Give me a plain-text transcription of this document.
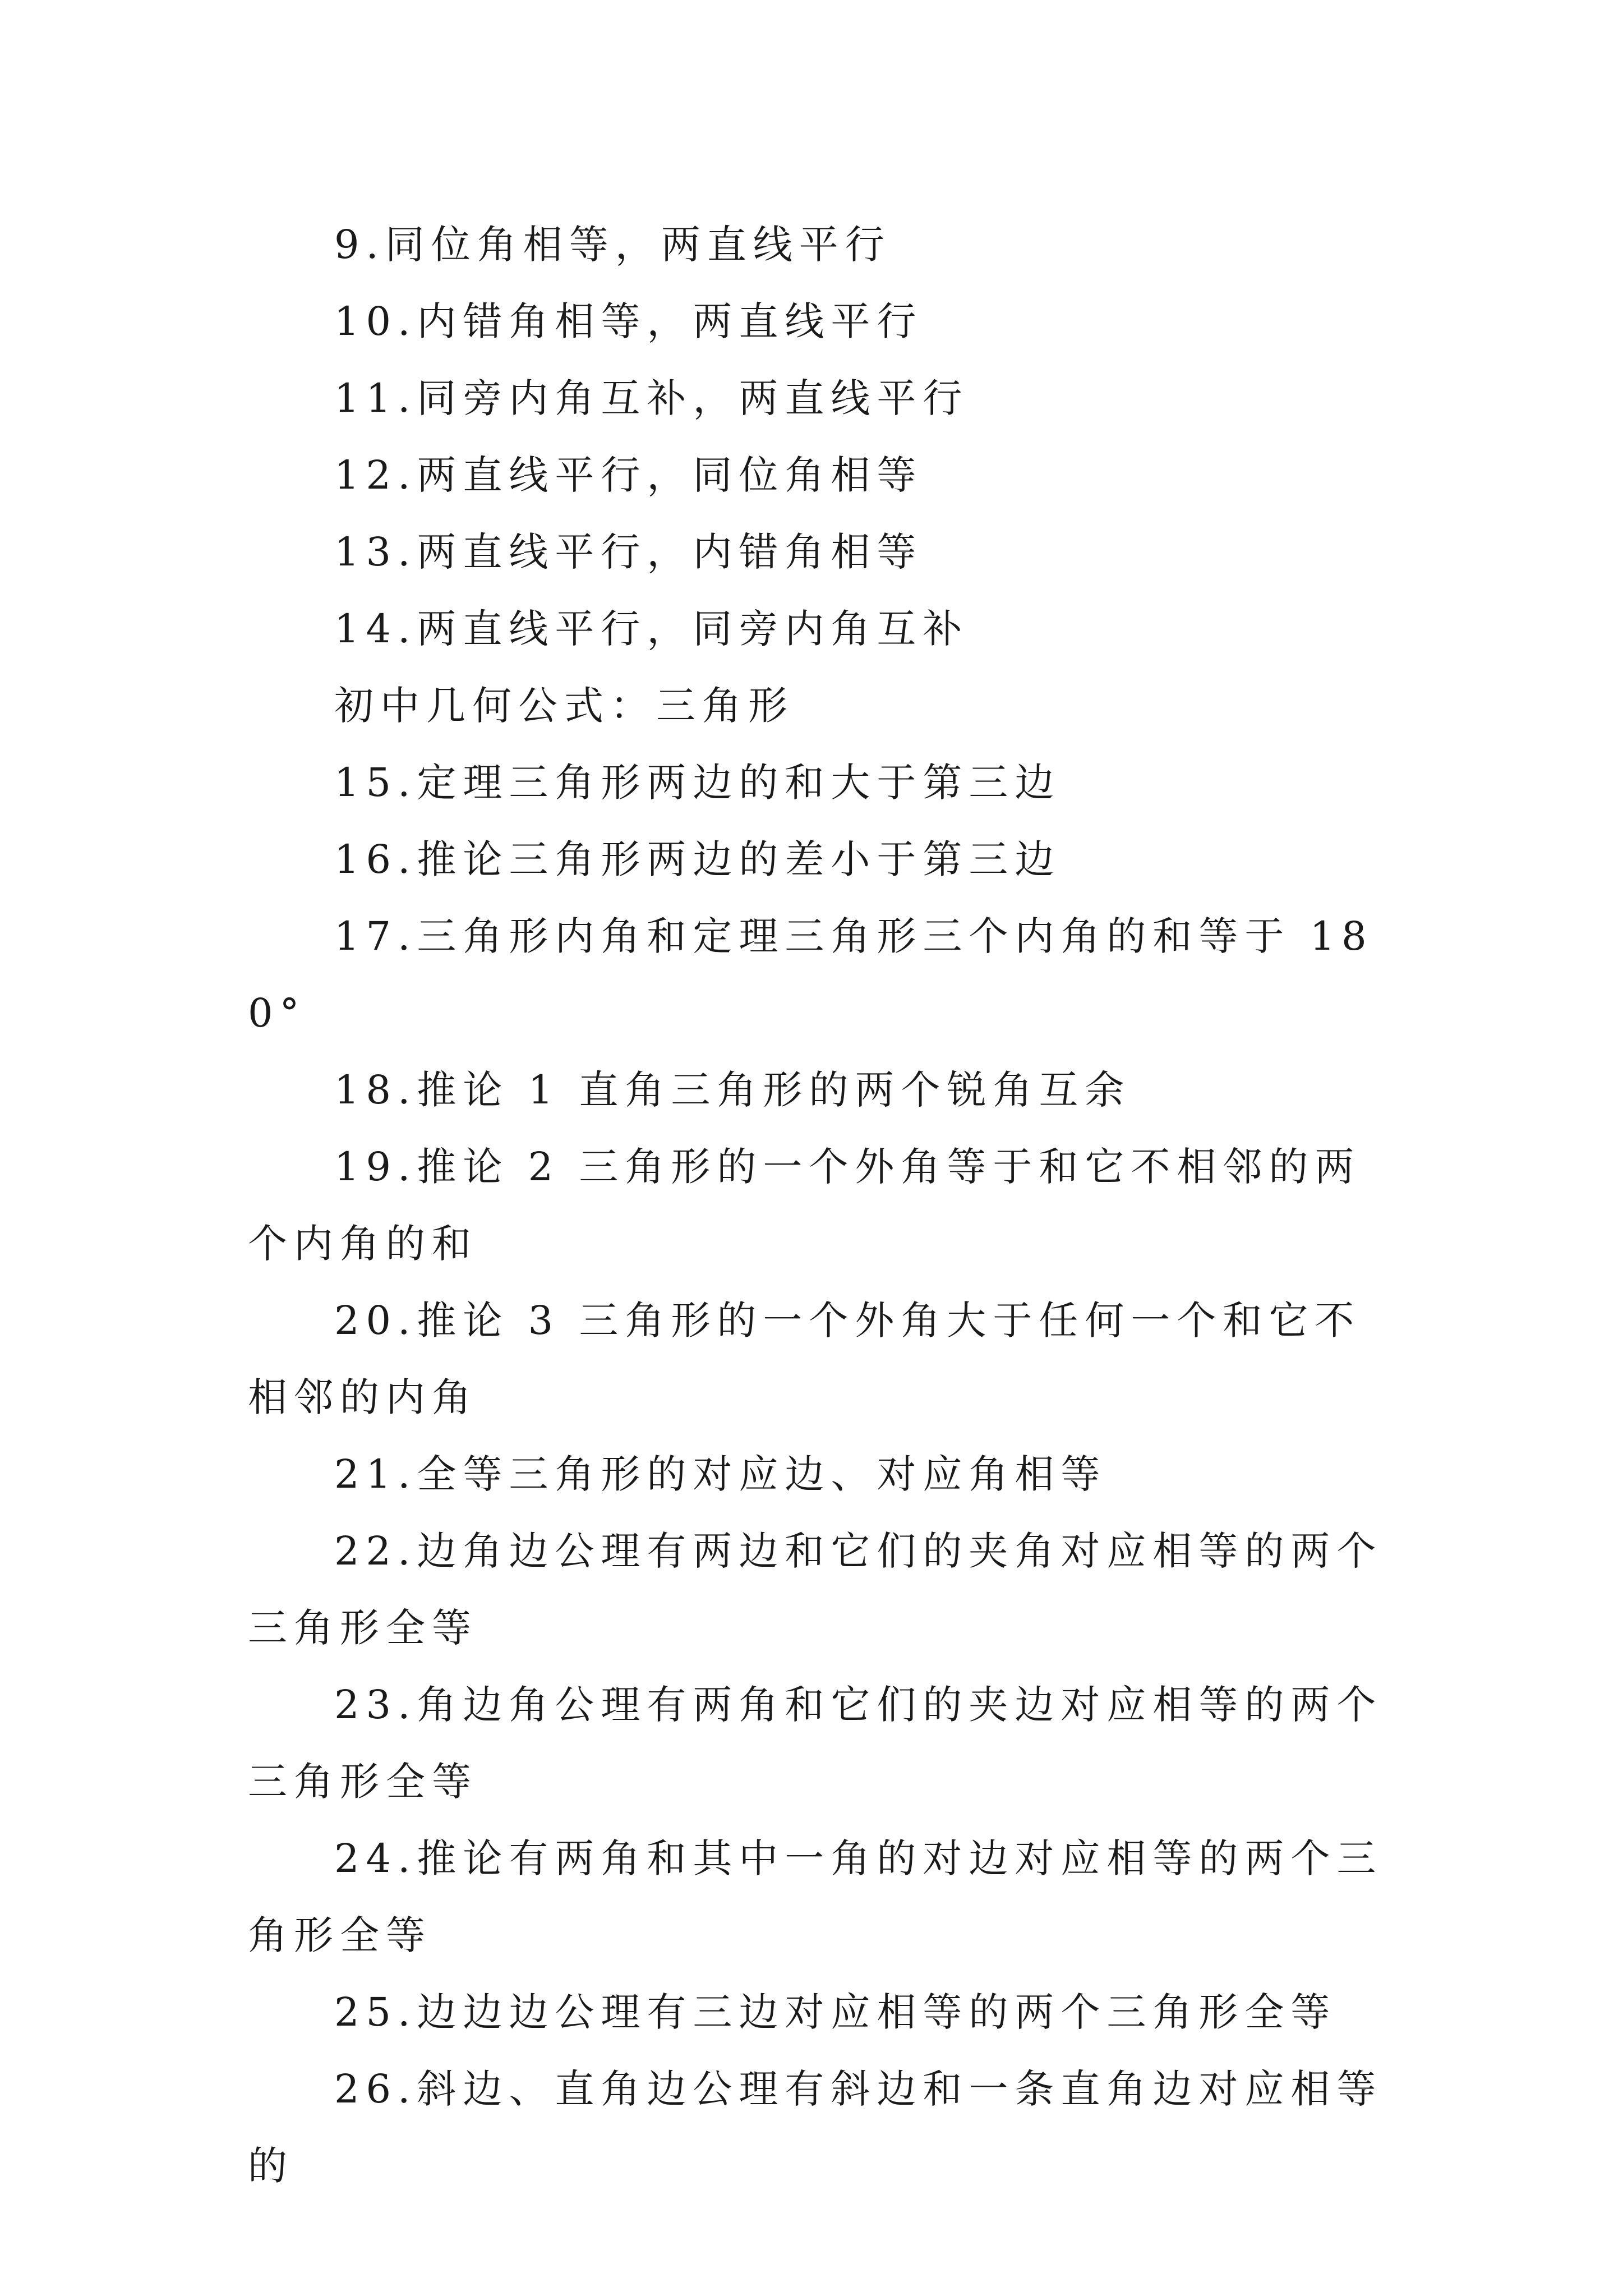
9.同位角相等，两直线平行

10.内错角相等，两直线平行

11.同旁内角互补，两直线平行

12.两直线平行，同位角相等

13.两直线平行，内错角相等

14.两直线平行，同旁内角互补

初中几何公式：三角形

15.定理三角形两边的和大于第三边

16.推论三角形两边的差小于第三边

17.三角形内角和定理三角形三个内角的和等于 180°

18.推论 1 直角三角形的两个锐角互余

19.推论 2 三角形的一个外角等于和它不相邻的两个内角的和

20.推论 3 三角形的一个外角大于任何一个和它不相邻的内角

21.全等三角形的对应边、对应角相等

22.边角边公理有两边和它们的夹角对应相等的两个三角形全等

23.角边角公理有两角和它们的夹边对应相等的两个三角形全等

24.推论有两角和其中一角的对边对应相等的两个三角形全等

25.边边边公理有三边对应相等的两个三角形全等

26.斜边、直角边公理有斜边和一条直角边对应相等的
